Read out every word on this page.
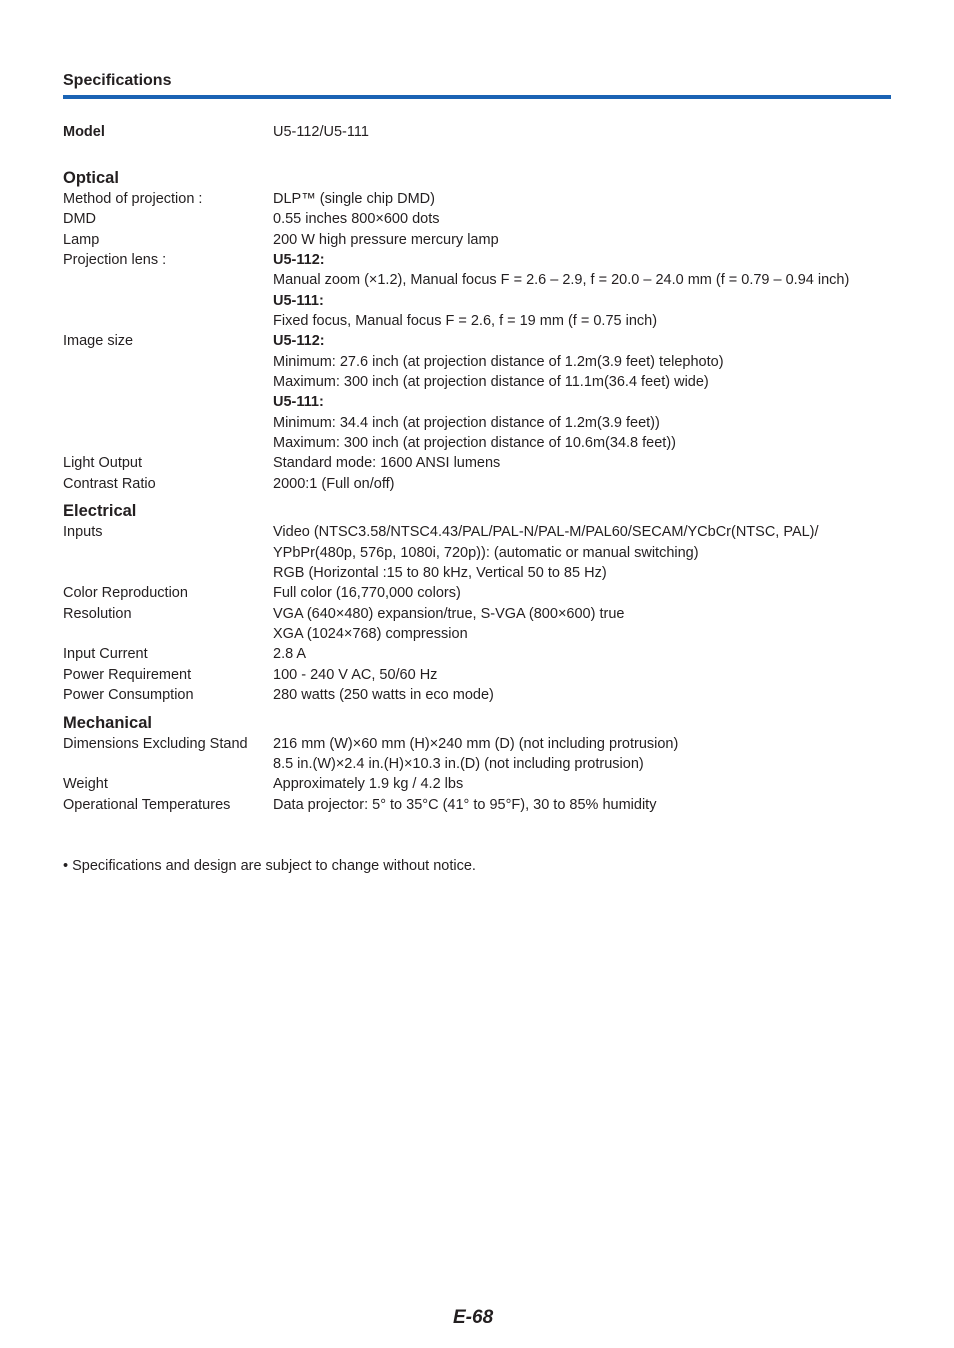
Specifications
Model	U5-112/U5-111
Optical
Method of projection :	DLP™ (single chip DMD)
DMD	0.55 inches 800×600 dots
Lamp	200 W high pressure mercury lamp
Projection lens :	U5-112:
Manual zoom (×1.2), Manual focus F = 2.6 – 2.9, f = 20.0 – 24.0 mm (f = 0.79 – 0.94 inch)
U5-111:
Fixed focus, Manual focus F = 2.6, f = 19 mm (f = 0.75 inch)
Image size	U5-112:
Minimum: 27.6 inch (at projection distance of 1.2m(3.9 feet) telephoto)
Maximum: 300 inch (at projection distance of 11.1m(36.4 feet) wide)
U5-111:
Minimum: 34.4 inch (at projection distance of 1.2m(3.9 feet))
Maximum: 300 inch (at projection distance of 10.6m(34.8 feet))
Light Output	Standard mode: 1600 ANSI lumens
Contrast Ratio	2000:1 (Full on/off)
Electrical
Inputs	Video (NTSC3.58/NTSC4.43/PAL/PAL-N/PAL-M/PAL60/SECAM/YCbCr(NTSC, PAL)/
YPbPr(480p, 576p, 1080i, 720p)): (automatic or manual switching)
RGB (Horizontal :15 to 80 kHz, Vertical 50 to 85 Hz)
Color Reproduction	Full color (16,770,000 colors)
Resolution	VGA (640×480) expansion/true, S-VGA (800×600) true
XGA (1024×768) compression
Input Current	2.8 A
Power Requirement	100 - 240 V AC, 50/60 Hz
Power Consumption	280 watts (250 watts in eco mode)
Mechanical
Dimensions Excluding Stand 216 mm (W)×60 mm (H)×240 mm (D) (not including protrusion)
8.5 in.(W)×2.4 in.(H)×10.3 in.(D) (not including protrusion)
Weight	Approximately 1.9 kg / 4.2 lbs
Operational Temperatures	Data projector: 5° to 35°C (41° to 95°F), 30 to 85% humidity
• Specifications and design are subject to change without notice.
E-68
